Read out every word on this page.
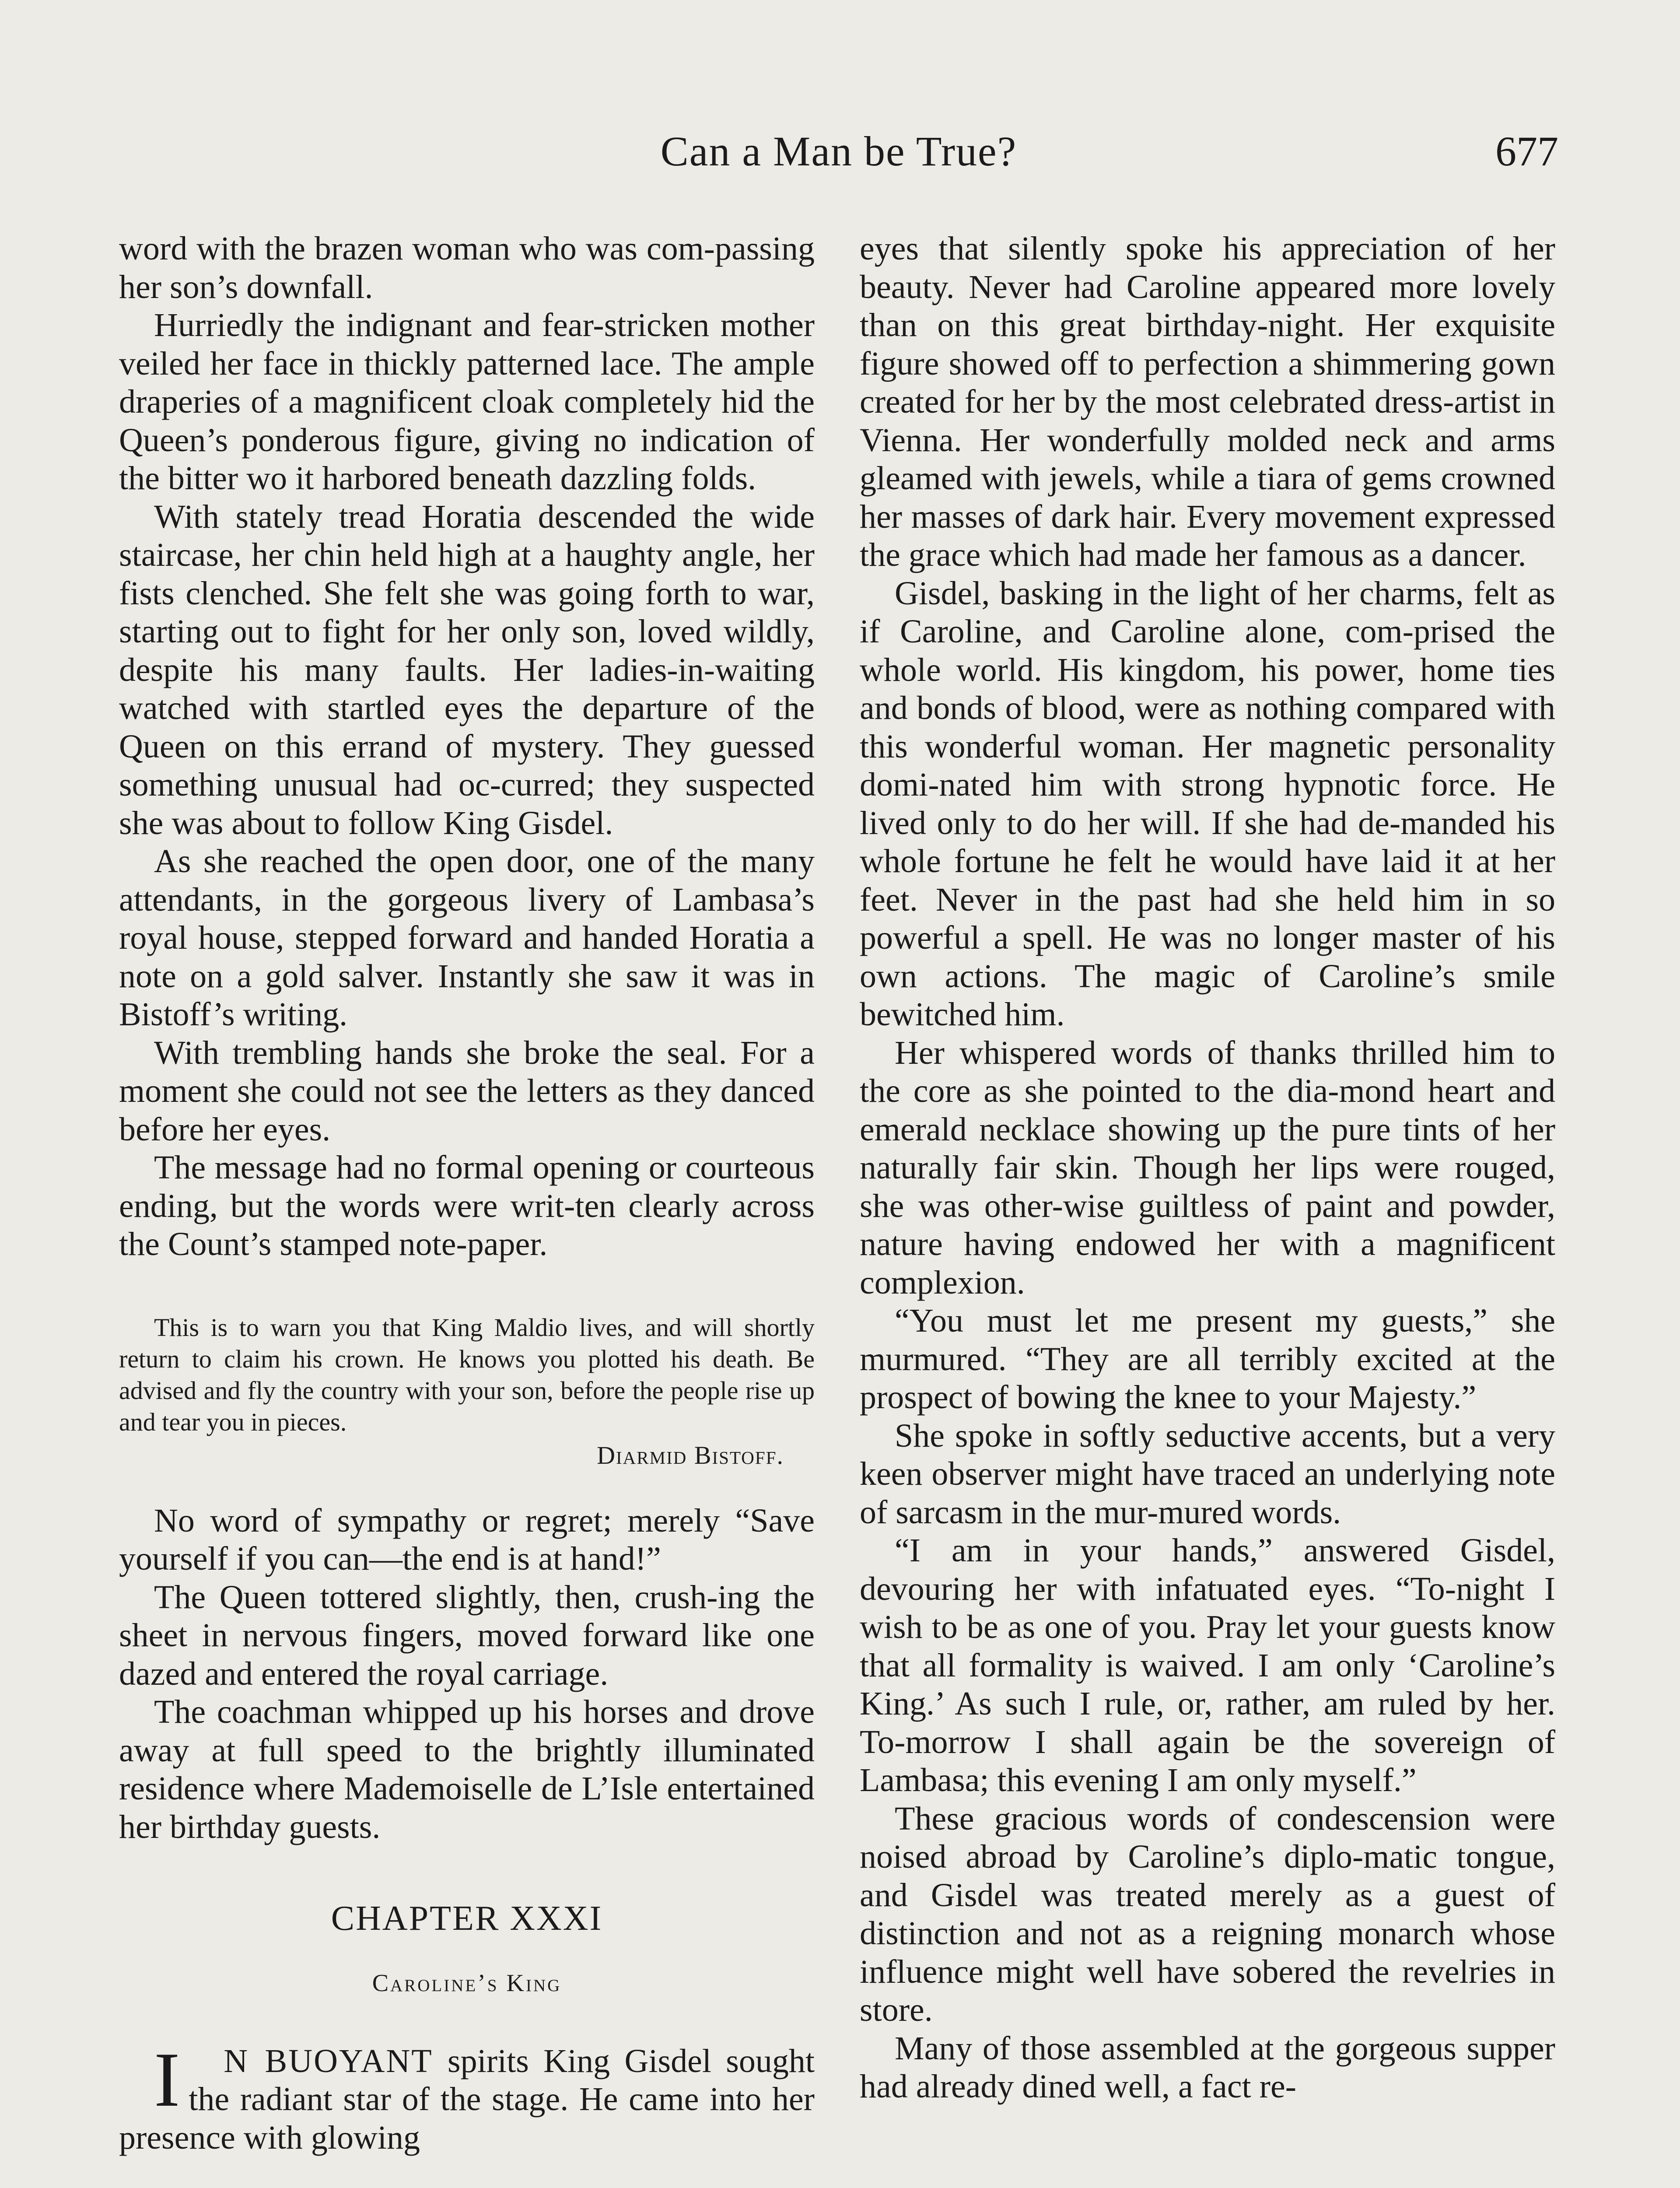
Can a Man be True?	677

word with the brazen woman who was com-passing her son’s downfall.

Hurriedly the indignant and fear-stricken mother veiled her face in thickly patterned lace. The ample draperies of a magnificent cloak completely hid the Queen’s ponderous figure, giving no indication of the bitter wo it harbored beneath dazzling folds.

With stately tread Horatia descended the wide staircase, her chin held high at a haughty angle, her fists clenched. She felt she was going forth to war, starting out to fight for her only son, loved wildly, despite his many faults. Her ladies-in-waiting watched with startled eyes the departure of the Queen on this errand of mystery. They guessed something unusual had oc-curred; they suspected she was about to follow King Gisdel.

As she reached the open door, one of the many attendants, in the gorgeous livery of Lambasa’s royal house, stepped forward and handed Horatia a note on a gold salver. Instantly she saw it was in Bistoff’s writing.

With trembling hands she broke the seal. For a moment she could not see the letters as they danced before her eyes.

The message had no formal opening or courteous ending, but the words were writ-ten clearly across the Count’s stamped note-paper.

This is to warn you that King Maldio lives, and will shortly return to claim his crown. He knows you plotted his death. Be advised and fly the country with your son, before the people rise up and tear you in pieces.

Diarmid Bistoff.

No word of sympathy or regret; merely “Save yourself if you can—the end is at hand!”

The Queen tottered slightly, then, crush-ing the sheet in nervous fingers, moved forward like one dazed and entered the royal carriage.

The coachman whipped up his horses and drove away at full speed to the brightly illuminated residence where Mademoiselle de L’Isle entertained her birthday guests.

CHAPTER XXXI
Caroline’s King

I N BUOYANT spirits King Gisdel sought the radiant star of the stage. He came into her presence with glowing

eyes that silently spoke his appreciation of her beauty. Never had Caroline appeared more lovely than on this great birthday-night. Her exquisite figure showed off to perfection a shimmering gown created for her by the most celebrated dress-artist in Vienna. Her wonderfully molded neck and arms gleamed with jewels, while a tiara of gems crowned her masses of dark hair. Every movement expressed the grace which had made her famous as a dancer.

Gisdel, basking in the light of her charms, felt as if Caroline, and Caroline alone, com-prised the whole world. His kingdom, his power, home ties and bonds of blood, were as nothing compared with this wonderful woman. Her magnetic personality domi-nated him with strong hypnotic force. He lived only to do her will. If she had de-manded his whole fortune he felt he would have laid it at her feet. Never in the past had she held him in so powerful a spell. He was no longer master of his own actions. The magic of Caroline’s smile bewitched him.

Her whispered words of thanks thrilled him to the core as she pointed to the dia-mond heart and emerald necklace showing up the pure tints of her naturally fair skin. Though her lips were rouged, she was other-wise guiltless of paint and powder, nature having endowed her with a magnificent complexion.

“You must let me present my guests,” she murmured. “They are all terribly excited at the prospect of bowing the knee to your Majesty.”

She spoke in softly seductive accents, but a very keen observer might have traced an underlying note of sarcasm in the mur-mured words.

“I am in your hands,” answered Gisdel, devouring her with infatuated eyes. “To-night I wish to be as one of you. Pray let your guests know that all formality is waived. I am only ‘Caroline’s King.’ As such I rule, or, rather, am ruled by her. To-morrow I shall again be the sovereign of Lambasa; this evening I am only myself.”

These gracious words of condescension were noised abroad by Caroline’s diplo-matic tongue, and Gisdel was treated merely as a guest of distinction and not as a reigning monarch whose influence might well have sobered the revelries in store.

Many of those assembled at the gorgeous supper had already dined well, a fact re-
